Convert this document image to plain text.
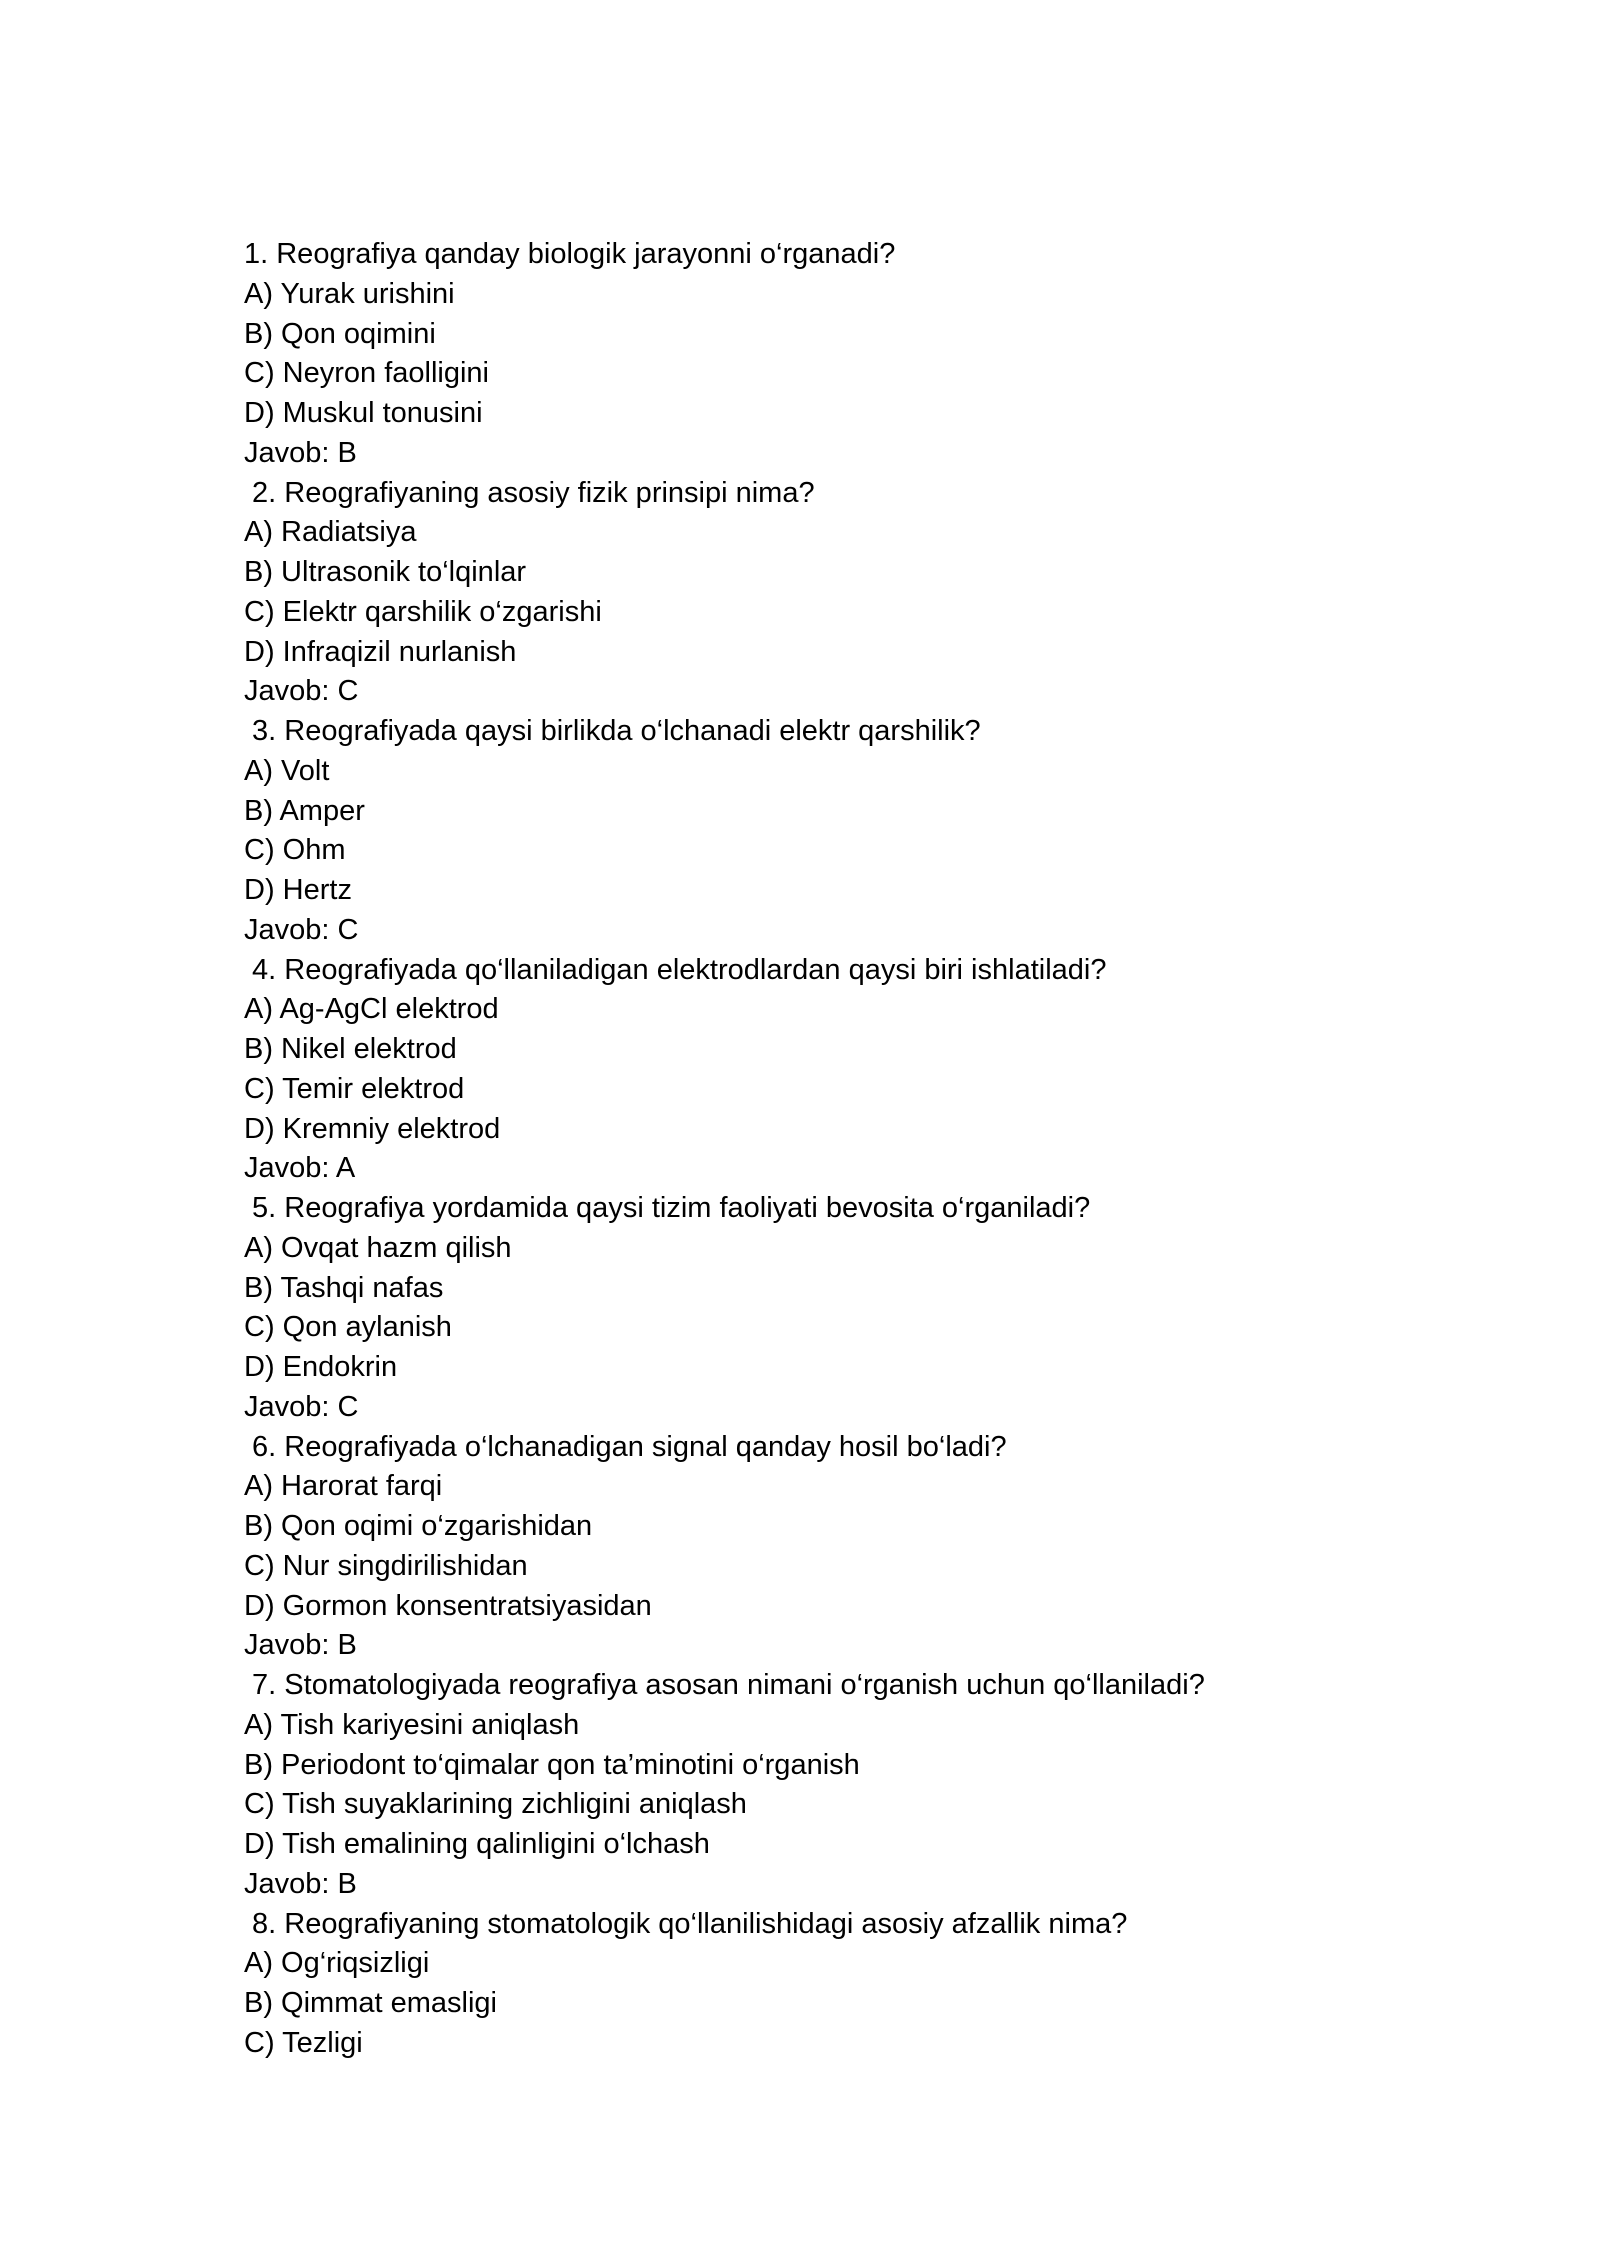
1. Reografiya qanday biologik jarayonni o‘rganadi?
A) Yurak urishini
B) Qon oqimini
C) Neyron faolligini
D) Muskul tonusini
Javob: B
2. Reografiyaning asosiy fizik prinsipi nima?
A) Radiatsiya
B) Ultrasonik to‘lqinlar
C) Elektr qarshilik o‘zgarishi
D) Infraqizil nurlanish
Javob: C
3. Reografiyada qaysi birlikda o‘lchanadi elektr qarshilik?
A) Volt
B) Amper
C) Ohm
D) Hertz
Javob: C
4. Reografiyada qo‘llaniladigan elektrodlardan qaysi biri ishlatiladi?
A) Ag-AgCl elektrod
B) Nikel elektrod
C) Temir elektrod
D) Kremniy elektrod
Javob: A
5. Reografiya yordamida qaysi tizim faoliyati bevosita o‘rganiladi?
A) Ovqat hazm qilish
B) Tashqi nafas
C) Qon aylanish
D) Endokrin
Javob: C
6. Reografiyada o‘lchanadigan signal qanday hosil bo‘ladi?
A) Harorat farqi
B) Qon oqimi o‘zgarishidan
C) Nur singdirilishidan
D) Gormon konsentratsiyasidan
Javob: B
7. Stomatologiyada reografiya asosan nimani o‘rganish uchun qo‘llaniladi?
A) Tish kariyesini aniqlash
B) Periodont to‘qimalar qon ta’minotini o‘rganish
C) Tish suyaklarining zichligini aniqlash
D) Tish emalining qalinligini o‘lchash
Javob: B
8. Reografiyaning stomatologik qo‘llanilishidagi asosiy afzallik nima?
A) Og‘riqsizligi
B) Qimmat emasligi
C) Tezligi
